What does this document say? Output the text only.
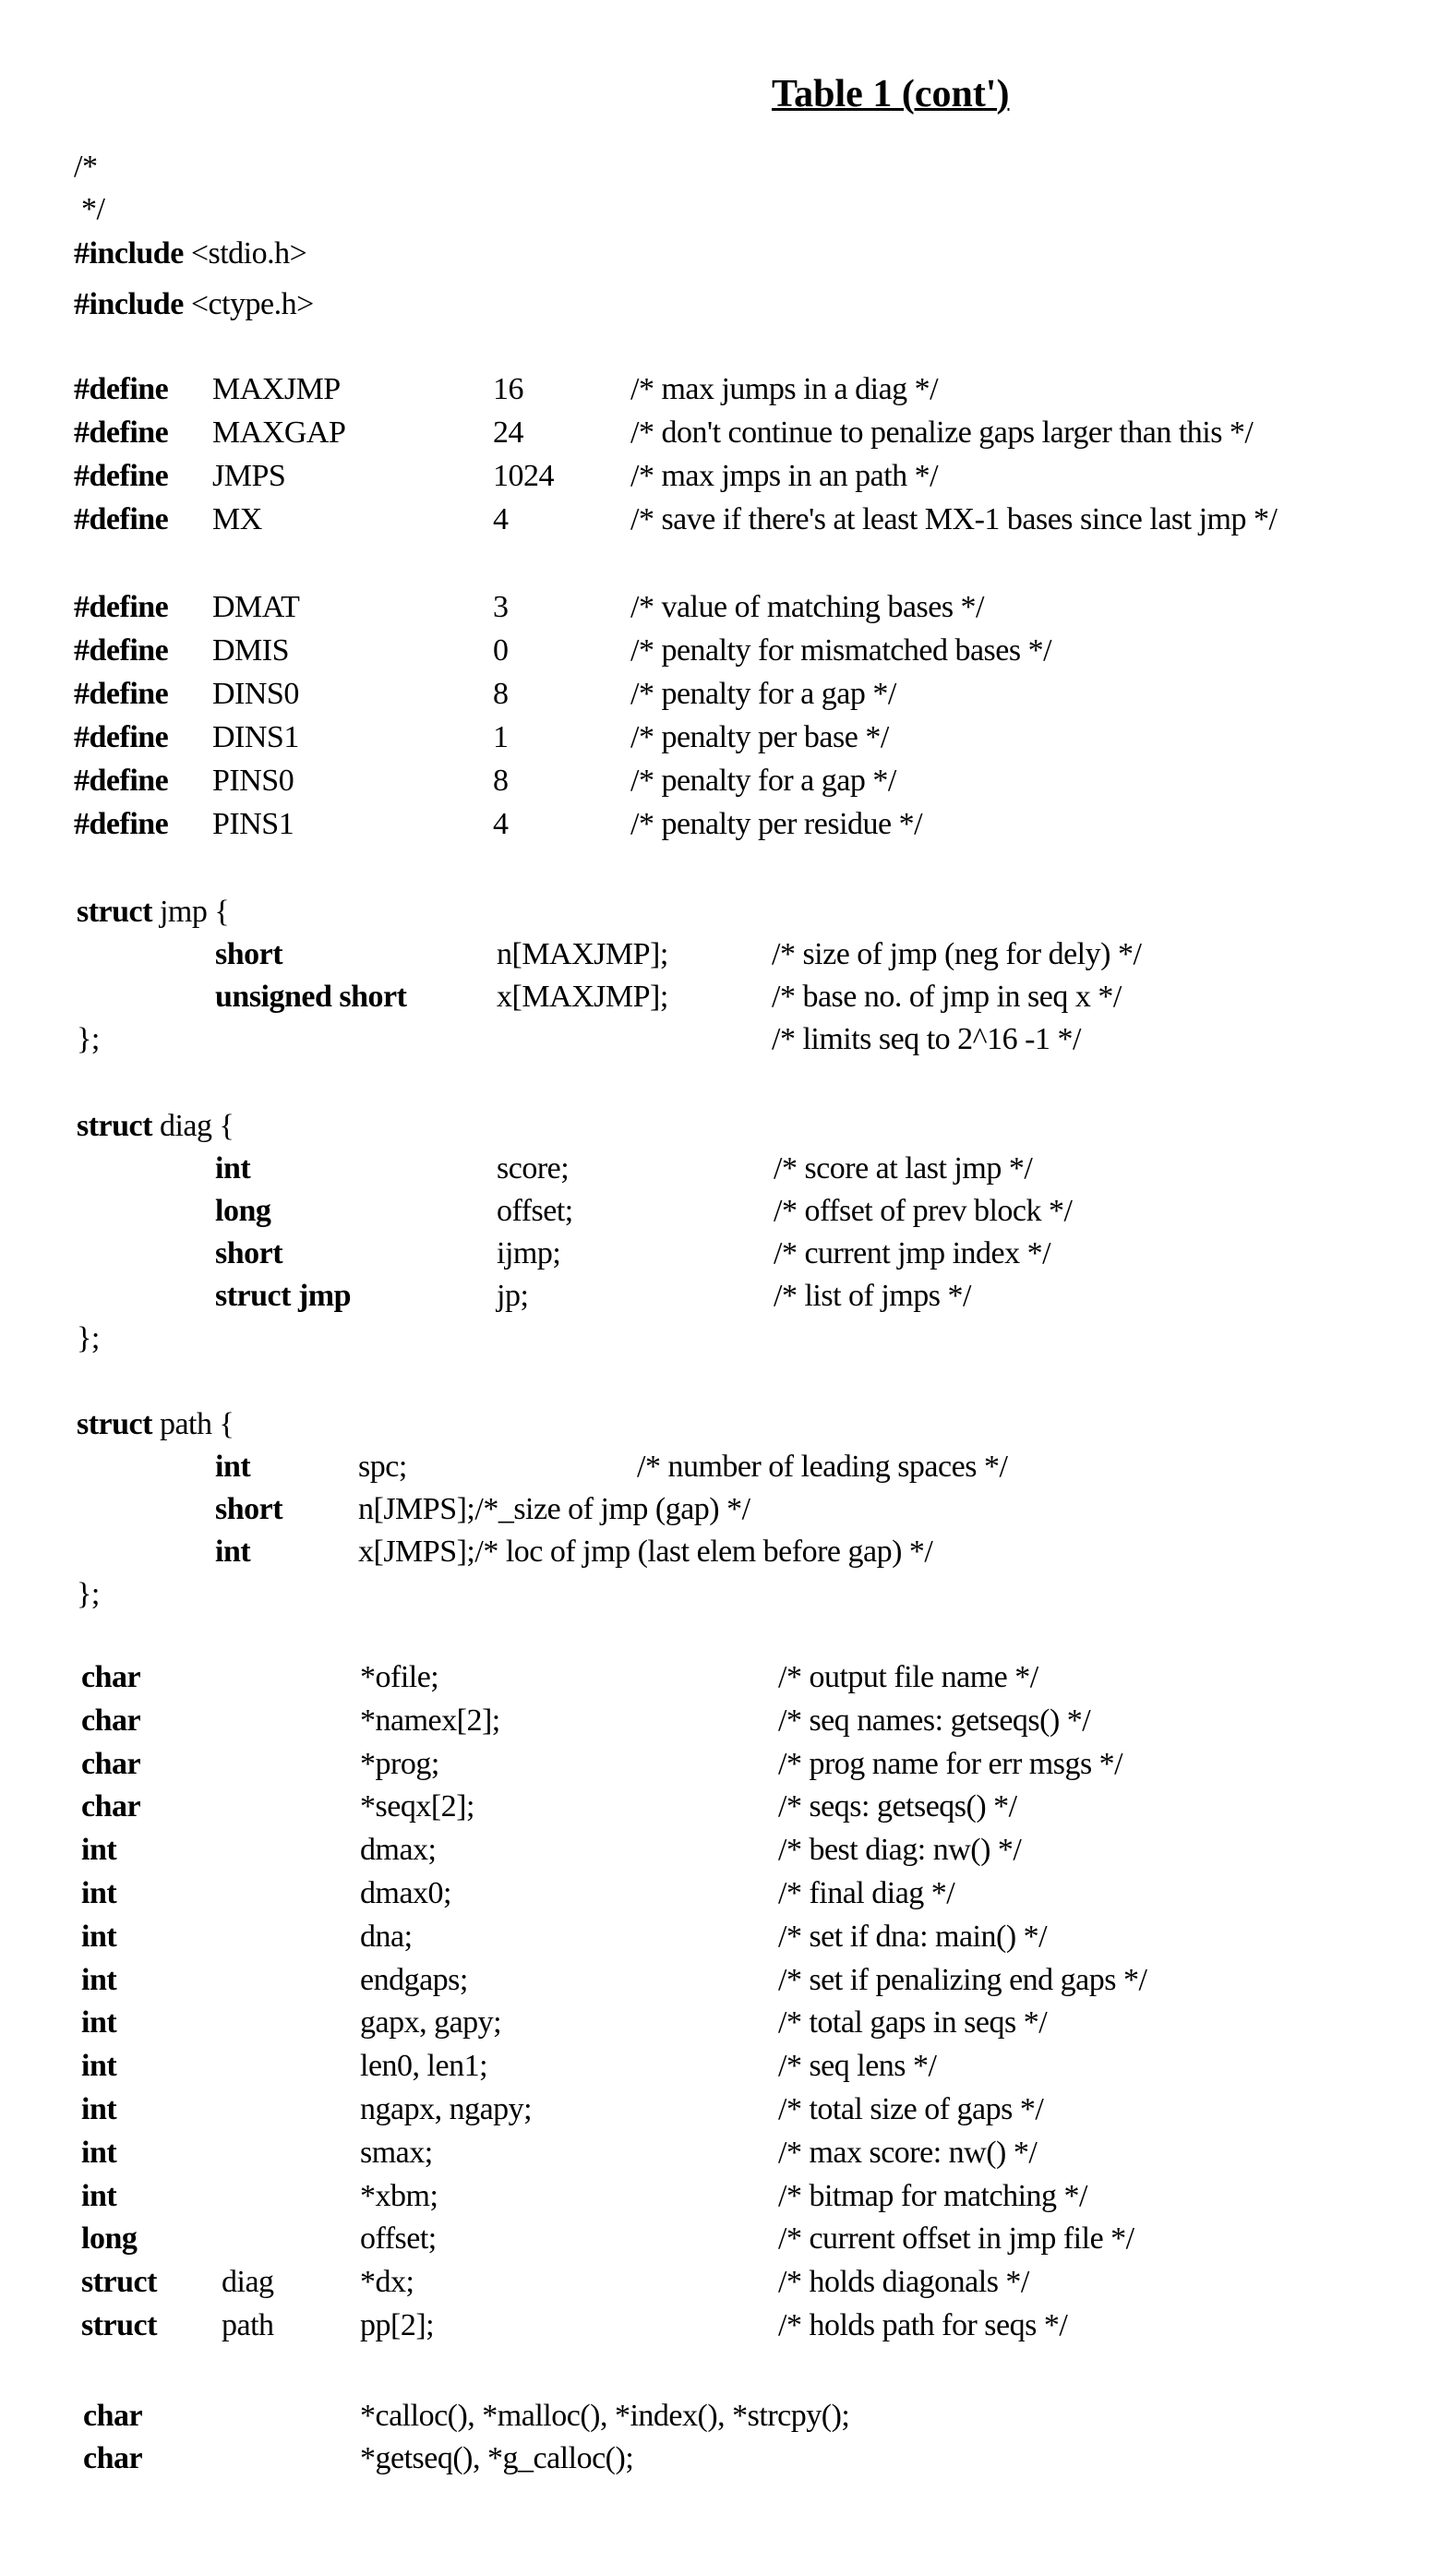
Table 1 (cont')
/*
*/
#include <stdio.h>
#include <ctype.h>
#define MAXJMP	16	/* max jumps in a diag */
#define MAXGAP	24	/* don't continue to penalize gaps larger than this */
#define JMPS	1024 /* max jmps in an path */
#define MX	4	/* save if there's at least MX-1 bases since last jmp */
#define DMAT	3	/* value of matching bases */
#define DMIS	0	/* penalty for mismatched bases */
#define DINS0	8	/* penalty for a gap */
#define DINS1	1	/* penalty per base */
#define PINS0	8	/* penalty for a gap */
#define PINS1	4	/* penalty per residue */
struct jmp {
short	n[MAXJMP];	/* size of jmp (neg for dely) */
unsigned short	x[MAXJMP];	/* base no. of jmp in seq x */
};	/* limits seq to 2^16 -1 */
struct diag {
int	score;	/* score at last jmp */
long	offset;	/* offset of prev block */
short	ijmp;	/* current jmp index */
struct jmp	jp;	/* list of jmps */
};
struct path {
int	spc;	/* number of leading spaces */
short n[JMPS];/*_size of jmp (gap) */
int	x[JMPS];/* loc of jmp (last elem before gap) */
};
char	*ofile;	/* output file name */
char	*namex[2];	/* seq names: getseqs() */
char	*prog;	/* prog name for err msgs */
char	*seqx[2];	/* seqs: getseqs() */
int	dmax;	/* best diag: nw() */
int	dmax0;	/* final diag */
int	dna;	/* set if dna: main() */
int	endgaps;	/* set if penalizing end gaps */
int	gapx, gapy;	/* total gaps in seqs */
int	len0, len1;	/* seq lens */
int	ngapx, ngapy;	/* total size of gaps */
int	smax;	/* max score: nw() */
int	*xbm;	/* bitmap for matching */
long	offset;	/* current offset in jmp file */
struct diag	*dx;	/* holds diagonals */
struct path	pp[2];	/* holds path for seqs */
char	*calloc(), *malloc(), *index(), *strcpy();
char	*getseq(), *g_calloc();
